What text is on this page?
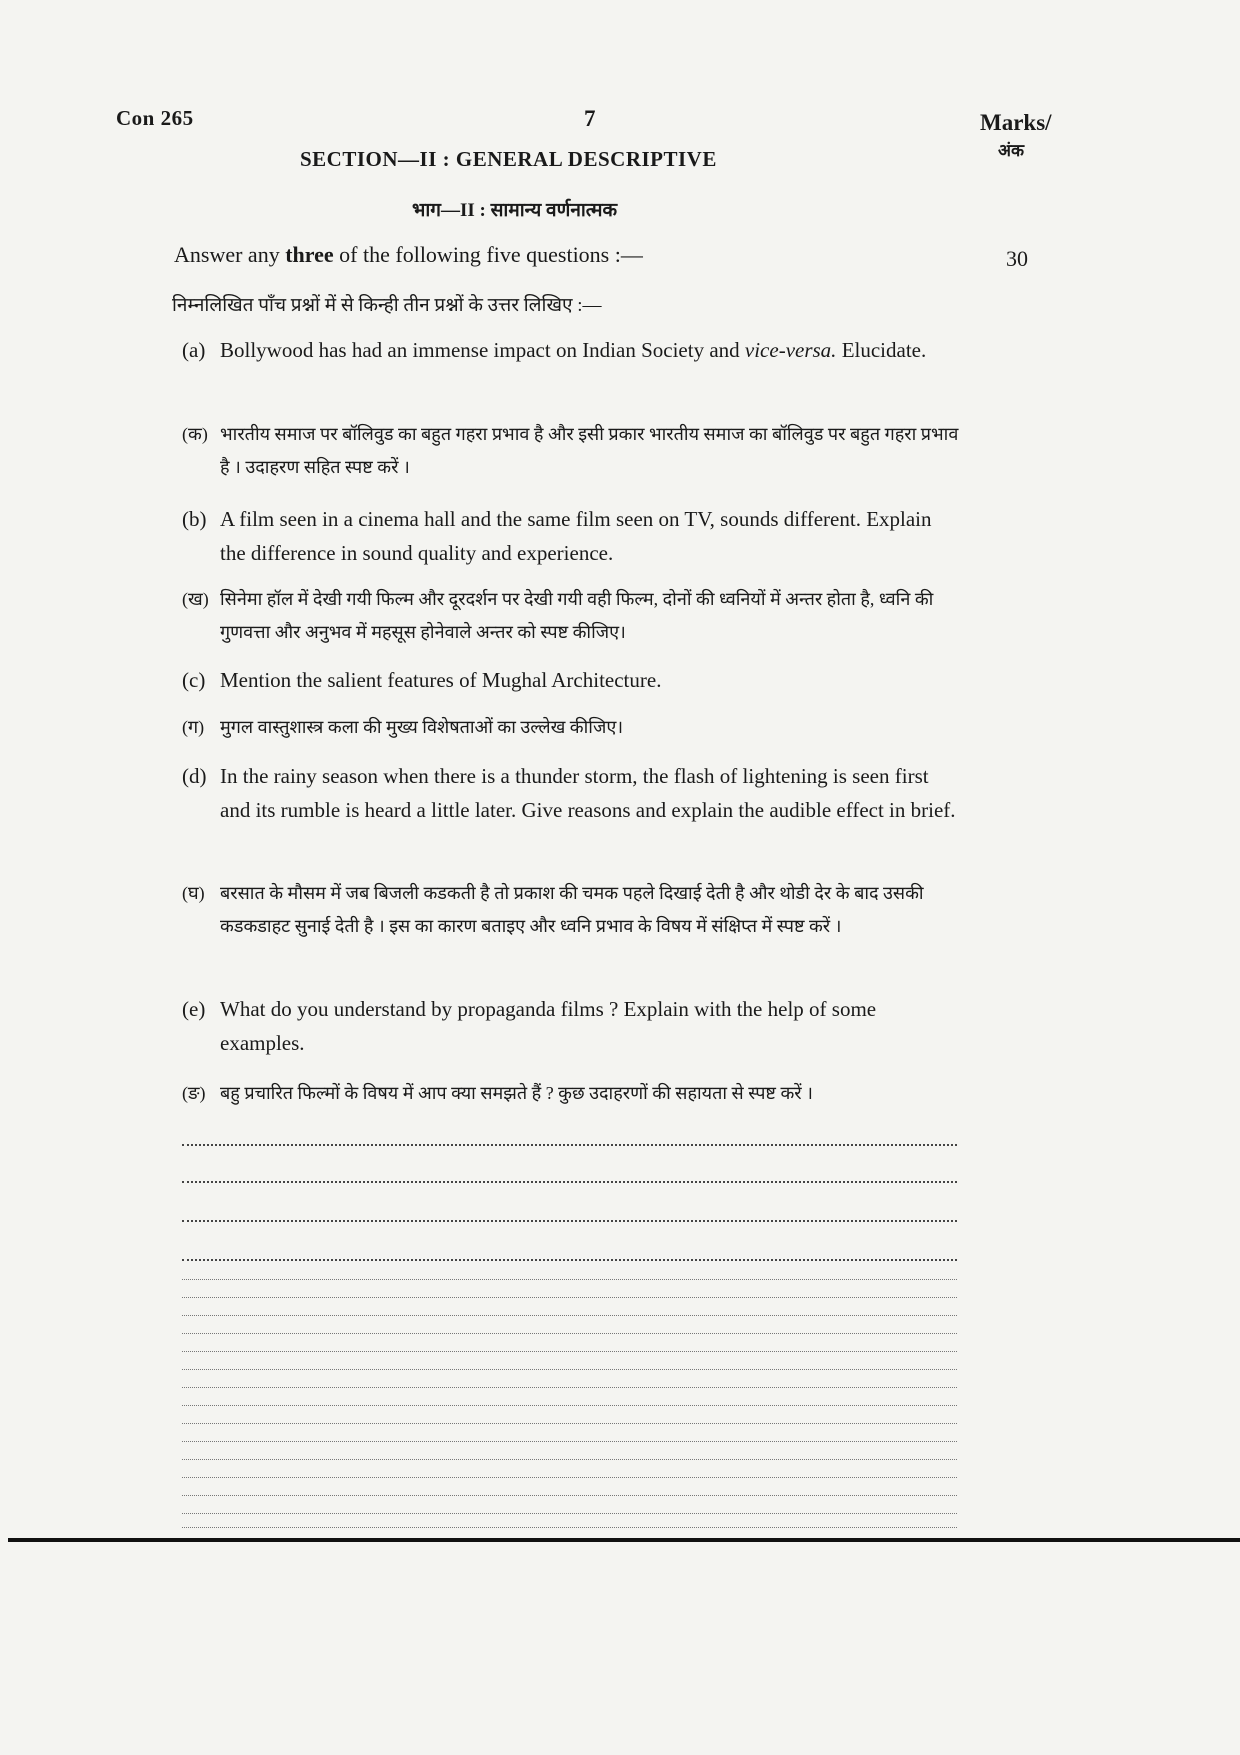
Con 265	7	Marks/
अंक
SECTION—II : GENERAL DESCRIPTIVE
भाग—II : सामान्य वर्णनात्मक
Answer any three of the following five questions :—	30
निम्नलिखित पाँच प्रश्नों में से किन्ही तीन प्रश्नों के उत्तर लिखिए :—
(a) Bollywood has had an immense impact on Indian Society and vice-versa. Elucidate.
(क) भारतीय समाज पर बॉलिवुड का बहुत गहरा प्रभाव है और इसी प्रकार भारतीय समाज का बॉलिवुड पर बहुत गहरा प्रभाव है । उदाहरण सहित स्पष्ट करें ।
(b) A film seen in a cinema hall and the same film seen on TV, sounds different. Explain the difference in sound quality and experience.
(ख) सिनेमा हॉल में देखी गयी फिल्म और दूरदर्शन पर देखी गयी वही फिल्म, दोनों की ध्वनियों में अन्तर होता है, ध्वनि की गुणवत्ता और अनुभव में महसूस होनेवाले अन्तर को स्पष्ट कीजिए।
(c) Mention the salient features of Mughal Architecture.
(ग) मुगल वास्तुशास्त्र कला की मुख्य विशेषताओं का उल्लेख कीजिए।
(d) In the rainy season when there is a thunder storm, the flash of lightening is seen first and its rumble is heard a little later. Give reasons and explain the audible effect in brief.
(घ) बरसात के मौसम में जब बिजली कडकती है तो प्रकाश की चमक पहले दिखाई देती है और थोडी देर के बाद उसकी कडकडाहट सुनाई देती है । इस का कारण बताइए और ध्वनि प्रभाव के विषय में संक्षिप्त में स्पष्ट करें ।
(e) What do you understand by propaganda films ? Explain with the help of some examples.
(ङ) बहु प्रचारित फिल्मों के विषय में आप क्या समझते हैं ? कुछ उदाहरणों की सहायता से स्पष्ट करें ।
